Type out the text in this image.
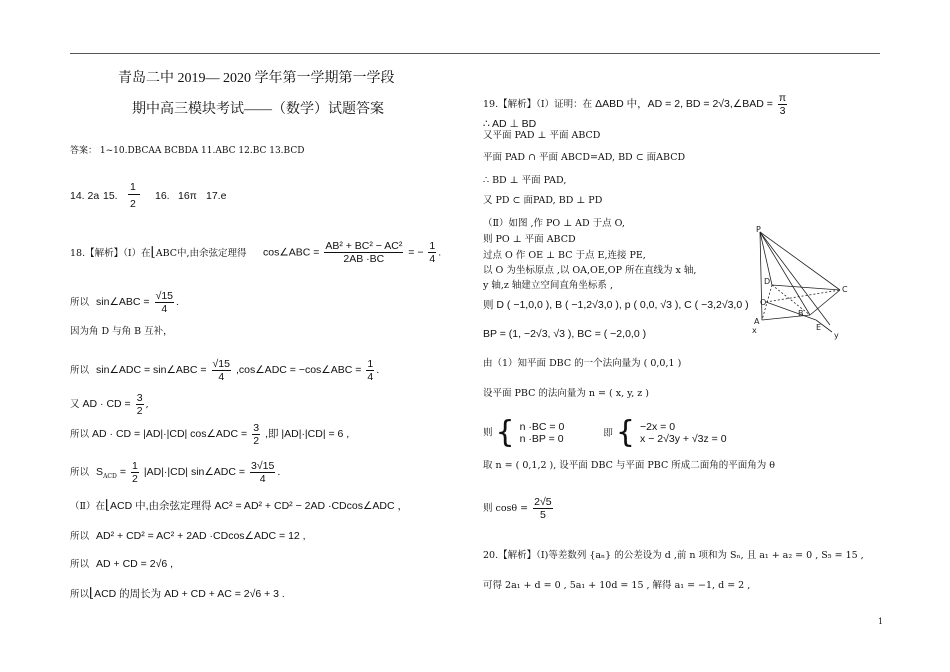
青岛二中 2019— 2020 学年第一学期第一学段
期中高三模块考试——（数学）试题答案
答案： 1~10.DBCAA BCBDA 11.ABC 12.BC 13.BCD
14. 2a 15.
1
2
16. 16π 17.e
18.【解析】（Ⅰ）在⌊ABC中,由余弦定理得 cos∠ABC = $\frac{\text{AB² + BC² − AC²}}{2AB \cdot BC}$ = − $\frac{1}{4}$ .
所以 sin∠ABC = $\frac{√15}{4}$ .
因为角 D 与角 B 互补，
所以 sin∠ADC = sin∠ABC = $\frac{√15}{4}$ ,cos∠ADC = −cos∠ABC = $\frac{1}{4}$ .
又 AD · CD = $\frac{3}{2}$ ,
所以 AD · CD = |AD|·|CD| cos∠ADC = $\frac{3}{2}$ ,即 |AD|·|CD| = 6 ,
所以 $S_{ACD} = \frac{1}{2} |AD|\cdot|CD|$ sin∠ADC = $\frac{3√15}{4}$ .
（Ⅱ）在⌊ACD 中,由余弦定理得 AC² = AD² + CD² − 2AD ·CDcos∠ADC ，
所以 AD² + CD² = AC² + 2AD ·CDcos∠ADC = 12 ,
所以 AD + CD = 2√6 ,
所以⌊ACD 的周长为 AD + CD + AC = 2√6 + 3 .
19.【解析】（Ⅰ）证明：在 ΔABD 中，AD = 2, BD = 2√3,∠BAD = $\frac{\pi}{3}$
∴ AD ⊥ BD
又平面 PAD ⊥ 平面 ABCD
平面 PAD ∩ 平面 ABCD=AD, BD ⊂ 面ABCD
∴ BD ⊥ 平面 PAD,
又 PD ⊂ 面PAD, BD ⊥ PD
（Ⅱ）如图 ,作 PO ⊥ AD 于点 O,
则 PO ⊥ 平面 ABCD
过点 O 作 OE ⊥ BC 于点 E,连接 PE,
以 O 为坐标原点 ,以 OA,OE,OP 所在直线为 x 轴,
y 轴,z 轴建立空间直角坐标系 ,
则 D ( −1,0,0 ), B ( −1,2√3,0 ), p ( 0,0, √3 ), C ( −3,2√3,0 )
BP = (1, −2√3, √3 ), BC = ( −2,0,0 )
由（1）知平面 DBC 的一个法向量为 ( 0,0,1 )
设平面 PBC 的法向量为 n = ( x, y, z )
则 { n ·BC = 0
n ·BP = 0	即 { −2x = 0
x − 2√3y + √3z = 0
取 n = ( 0,1,2 ), 设平面 DBC 与平面 PBC 所成二面角的平面角为 θ
则 $\cos\theta = \frac{2√5}{5}$
20.【解析】（Ⅰ)等差数列 {aₙ} 的公差设为 d ,前 n 项和为 Sₙ, 且 a₁ + a₂ = 0 , S₅ = 15 ,
可得 2a₁ + d = 0 , 5a₁ + 10d = 15 , 解得 a₁ = −1, d = 2 ,
P
D
O
A
B
E
C
x
y
1
